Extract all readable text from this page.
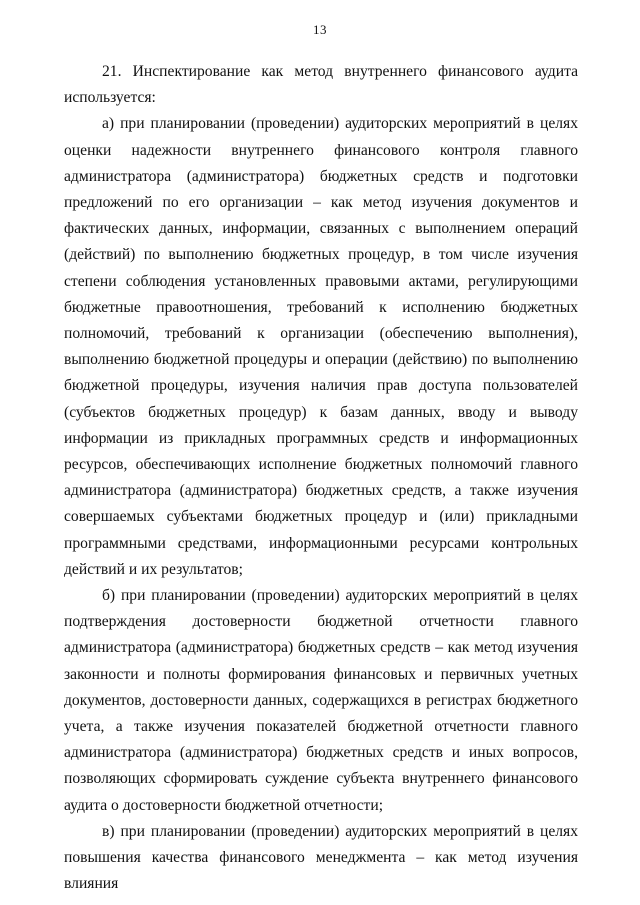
13

21. Инспектирование как метод внутреннего финансового аудита используется:

а) при планировании (проведении) аудиторских мероприятий в целях оценки надежности внутреннего финансового контроля главного администратора (администратора) бюджетных средств и подготовки предложений по его организации – как метод изучения документов и фактических данных, информации, связанных с выполнением операций (действий) по выполнению бюджетных процедур, в том числе изучения степени соблюдения установленных правовыми актами, регулирующими бюджетные правоотношения, требований к исполнению бюджетных полномочий, требований к организации (обеспечению выполнения), выполнению бюджетной процедуры и операции (действию) по выполнению бюджетной процедуры, изучения наличия прав доступа пользователей (субъектов бюджетных процедур) к базам данных, вводу и выводу информации из прикладных программных средств и информационных ресурсов, обеспечивающих исполнение бюджетных полномочий главного администратора (администратора) бюджетных средств, а также изучения совершаемых субъектами бюджетных процедур и (или) прикладными программными средствами, информационными ресурсами контрольных действий и их результатов;

б) при планировании (проведении) аудиторских мероприятий в целях подтверждения достоверности бюджетной отчетности главного администратора (администратора) бюджетных средств – как метод изучения законности и полноты формирования финансовых и первичных учетных документов, достоверности данных, содержащихся в регистрах бюджетного учета, а также изучения показателей бюджетной отчетности главного администратора (администратора) бюджетных средств и иных вопросов, позволяющих сформировать суждение субъекта внутреннего финансового аудита о достоверности бюджетной отчетности;

в) при планировании (проведении) аудиторских мероприятий в целях повышения качества финансового менеджмента – как метод изучения влияния
